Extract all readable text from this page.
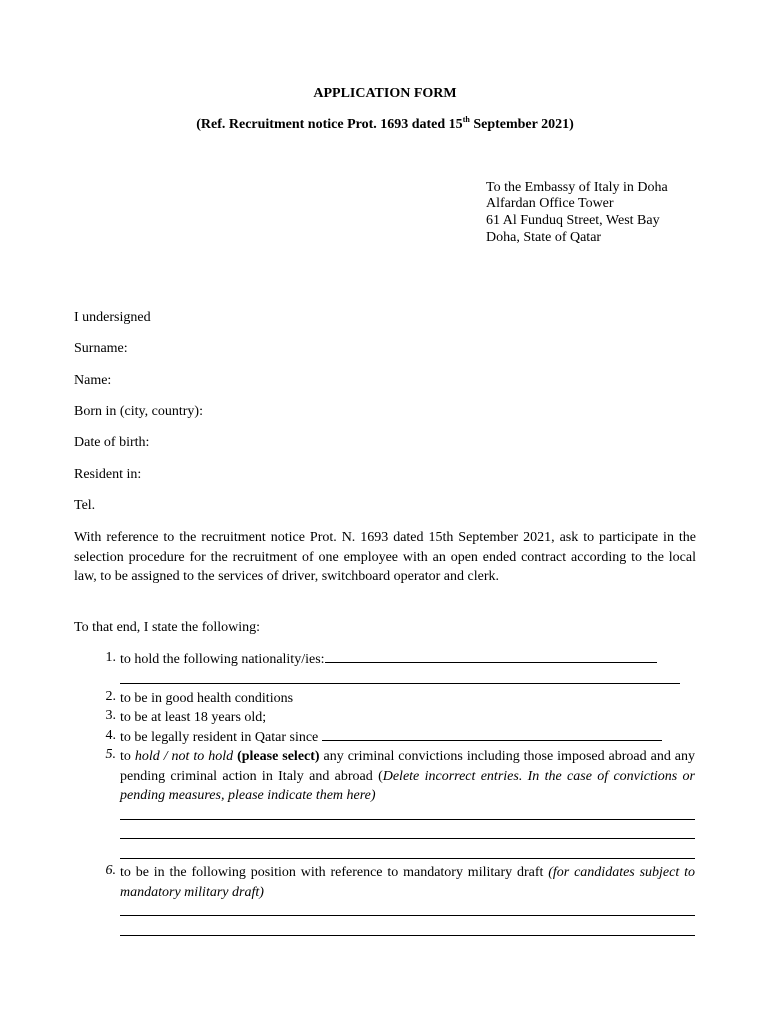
APPLICATION FORM
(Ref. Recruitment notice Prot. 1693 dated 15th September 2021)
To the Embassy of Italy in Doha
Alfardan Office Tower
61 Al Funduq Street, West Bay
Doha, State of Qatar
I undersigned
Surname:
Name:
Born in (city, country):
Date of birth:
Resident in:
Tel.
With reference to the recruitment notice Prot. N. 1693 dated 15th September 2021, ask to participate in the selection procedure for the recruitment of one employee with an open ended contract according to the local law, to be assigned to the services of driver, switchboard operator and clerk.
To that end, I state the following:
1. to hold the following nationality/ies:
2. to be in good health conditions
3. to be at least 18 years old;
4. to be legally resident in Qatar since
5. to hold / not to hold (please select) any criminal convictions including those imposed abroad and any pending criminal action in Italy and abroad (Delete incorrect entries. In the case of convictions or pending measures, please indicate them here)
6. to be in the following position with reference to mandatory military draft (for candidates subject to mandatory military draft)
